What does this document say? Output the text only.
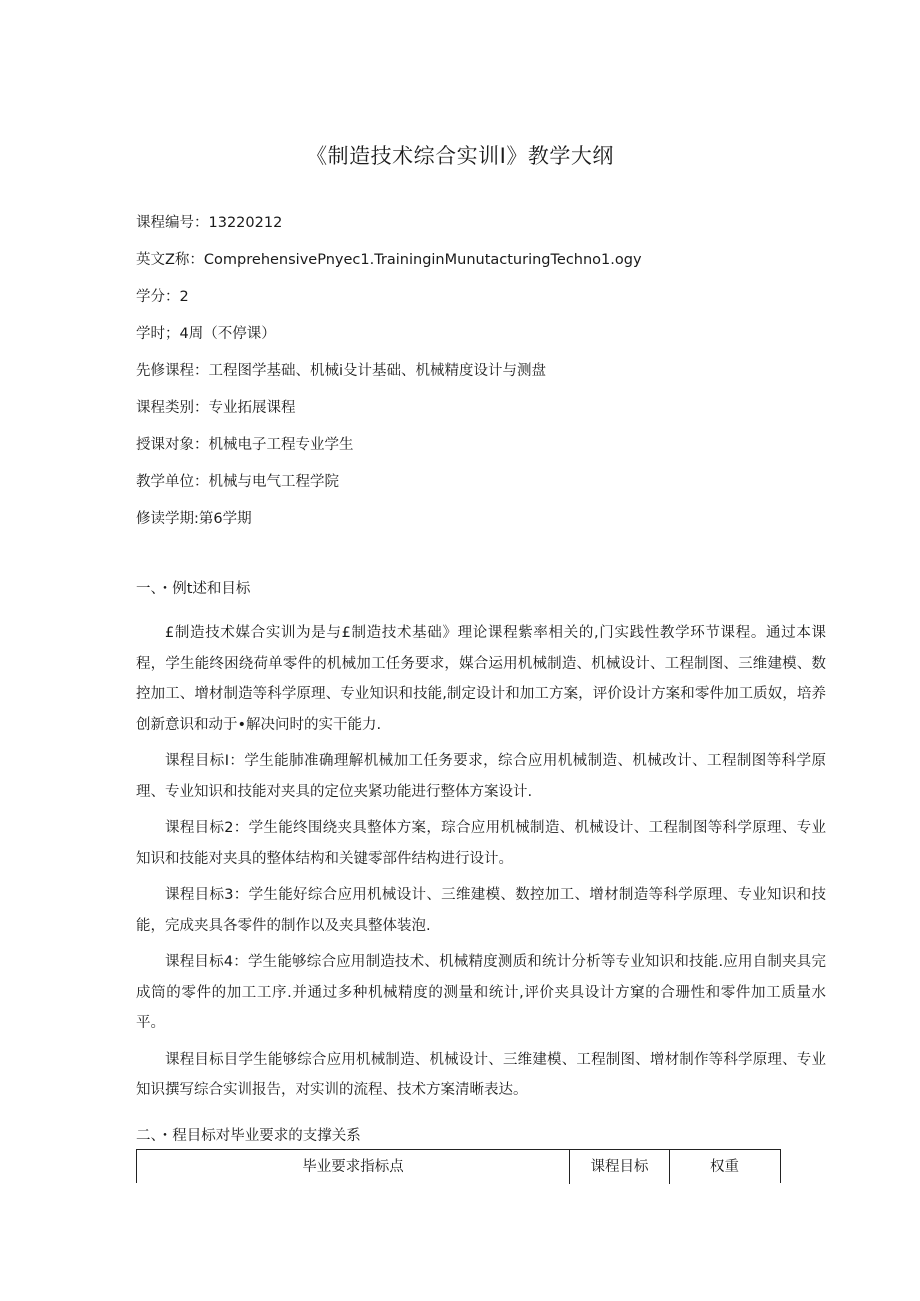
《制造技术综合实训I》教学大纲
课程编号：13220212
英文Z称：ComprehensivePnyec1.TraininginMunutacturingTechno1.ogy
学分：2
学时；4周（不停课）
先修课程：工程图学基础、机械i殳计基础、机械精度设计与测盘
课程类别：专业拓展课程
授课对象：机械电子工程专业学生
教学单位：机械与电气工程学院
修读学期:第6学期
一、・例t述和目标

£制造技术媒合实训为是与£制造技术基础》理论课程紫率相关的,门实践性教学环节课程。通过本课程，学生能终困绕荷单零件的机械加工任务要求，媒合运用机械制造、机械设计、工程制图、三维建模、数控加工、增材制造等科学原理、专业知识和技能,制定设计和加工方案，评价设计方案和零件加工质奴，培养创新意识和动于•解决问时的实干能力.

课程目标I：学生能肺准确理解机械加工任务要求，综合应用机械制造、机械改计、工程制图等科学原理、专业知识和技能对夹具的定位夹紧功能进行整体方案设计.

课程目标2：学生能终围绕夹具整体方案，琮合应用机械制造、机械设计、工程制图等科学原理、专业知识和技能对夹具的整体结构和关键零部件结构进行设计。

课程目标3：学生能好综合应用机械设计、三维建模、数控加工、增材制造等科学原理、专业知识和技能，完成夹具各零件的制作以及夹具整体装泡.

课程目标4：学生能够综合应用制造技术、机械精度测质和统计分析等专业知识和技能.应用自制夹具完成筒的零件的加工工序.并通过多种机械精度的测量和统计,评价夹具设计方窠的合珊性和零件加工质量水平。

课程目标目学生能够综合应用机械制造、机械设计、三维建模、工程制图、增材制作等科学原理、专业知识撰写综合实训报告，对实训的流程、技术方案清晰表达。

二、・程目标对毕业要求的支撑关系
毕业要求指标点	课程目标	权重
